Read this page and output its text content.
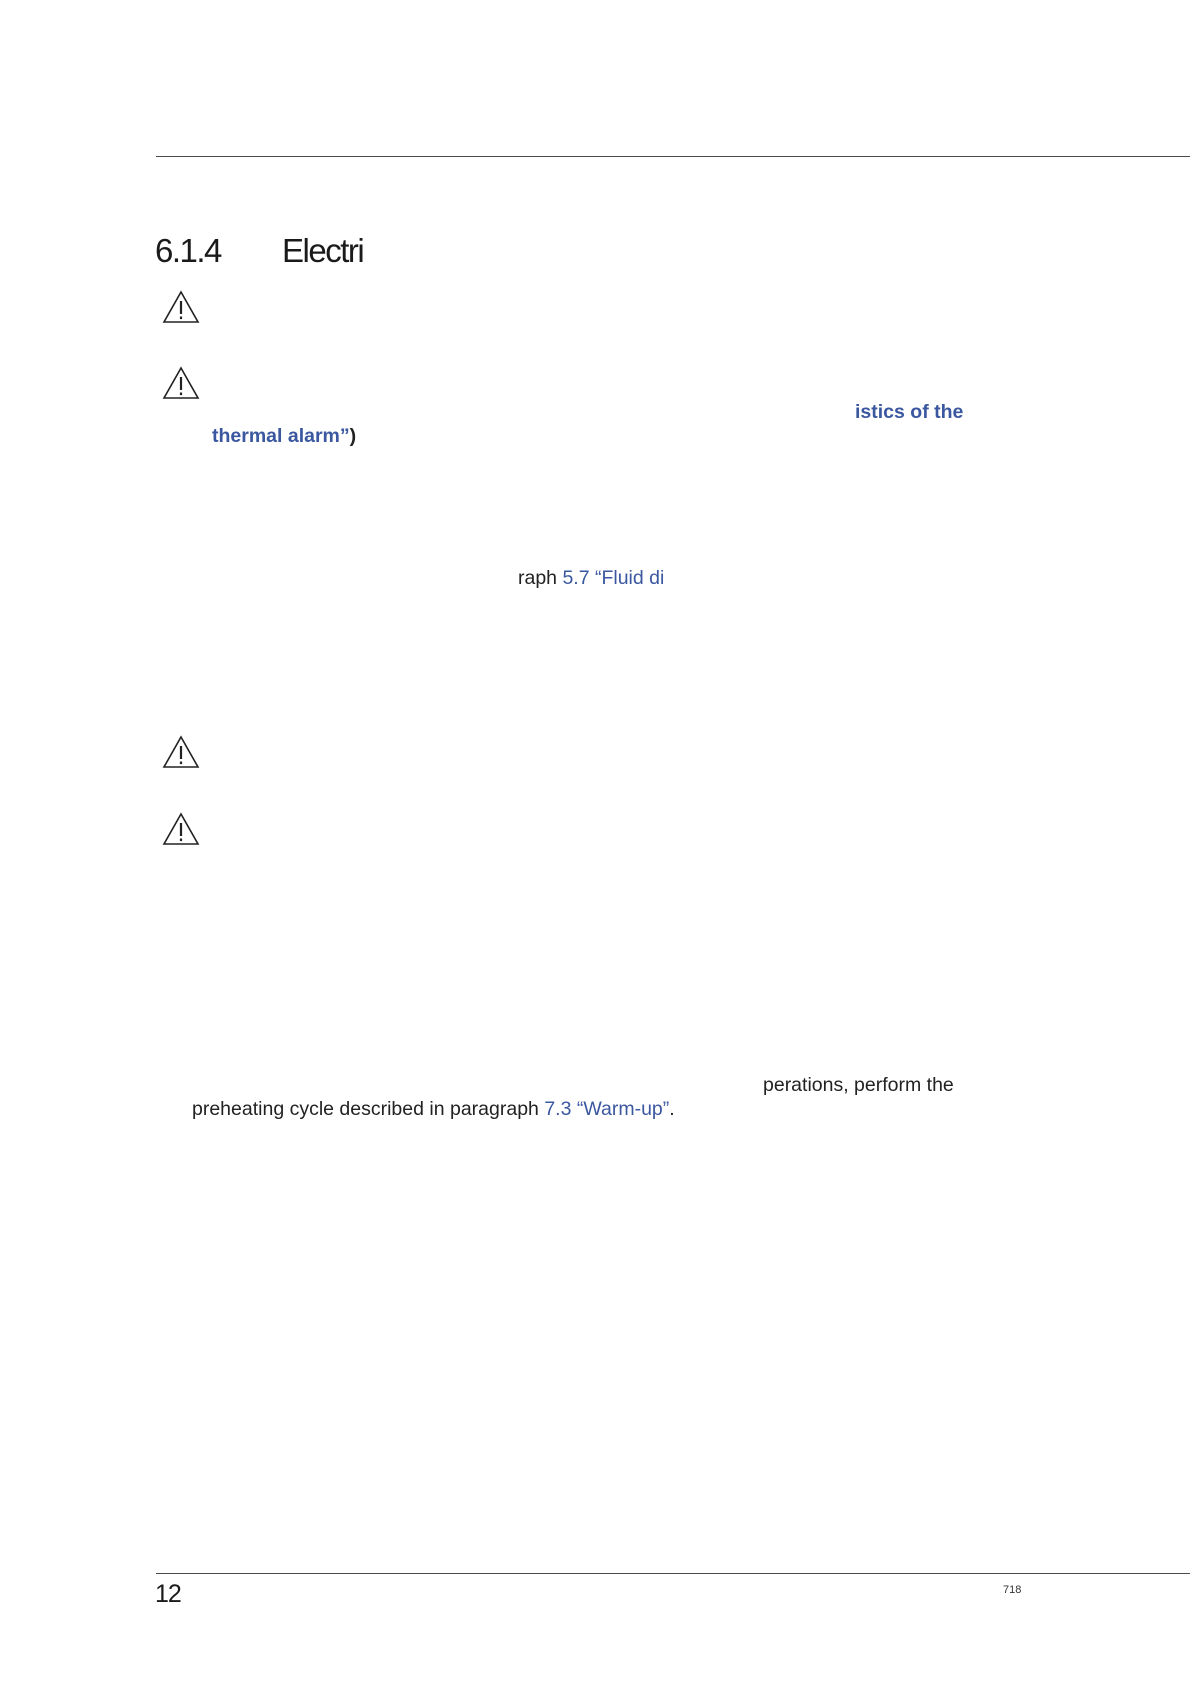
6.1.4 Electri
istics of the
thermal alarm”)
raph 5.7 “Fluid di
perations, perform the
preheating cycle described in paragraph 7.3 “Warm-up”.
12	718
